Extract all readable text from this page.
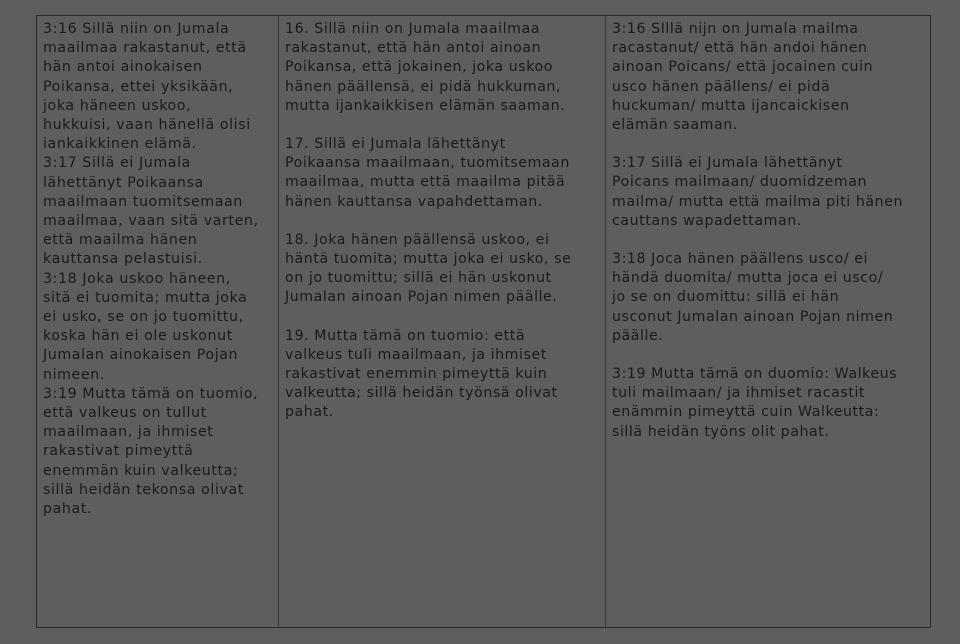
3:16 Sillä niin on Jumala
maailmaa rakastanut, että
hän antoi ainokaisen
Poikansa, ettei yksikään,
joka häneen uskoo,
hukkuisi, vaan hänellä olisi
iankaikkinen elämä.
3:17 Sillä ei Jumala
lähettänyt Poikaansa
maailmaan tuomitsemaan
maailmaa, vaan sitä varten,
että maailma hänen
kauttansa pelastuisi.
3:18 Joka uskoo häneen,
sitä ei tuomita; mutta joka
ei usko, se on jo tuomittu,
koska hän ei ole uskonut
Jumalan ainokaisen Pojan
nimeen.
3:19 Mutta tämä on tuomio,
että valkeus on tullut
maailmaan, ja ihmiset
rakastivat pimeyttä
enemmän kuin valkeutta;
sillä heidän tekonsa olivat
pahat.
16. Sillä niin on Jumala maailmaa
rakastanut, että hän antoi ainoan
Poikansa, että jokainen, joka uskoo
hänen päällensä, ei pidä hukkuman,
mutta ijankaikkisen elämän saaman.
17. Sillä ei Jumala lähettänyt
Poikaansa maailmaan, tuomitsemaan
maailmaa, mutta että maailma pitää
hänen kauttansa vapahdettaman.
18. Joka hänen päällensä uskoo, ei
häntä tuomita; mutta joka ei usko, se
on jo tuomittu; sillä ei hän uskonut
Jumalan ainoan Pojan nimen päälle.
19. Mutta tämä on tuomio: että
valkeus tuli maailmaan, ja ihmiset
rakastivat enemmin pimeyttä kuin
valkeutta; sillä heidän työnsä olivat
pahat.
3:16 SIllä nijn on Jumala mailma
racastanut/ että hän andoi hänen
ainoan Poicans/ että jocainen cuin
usco hänen päällens/ ei pidä
huckuman/ mutta ijancaickisen
elämän saaman.
3:17 Sillä ei Jumala lähettänyt
Poicans mailmaan/ duomidzeman
mailma/ mutta että mailma piti hänen
cauttans wapadettaman.
3:18 Joca hänen päällens usco/ ei
händä duomita/ mutta joca ei usco/
jo se on duomittu: sillä ei hän
usconut Jumalan ainoan Pojan nimen
päälle.
3:19 Mutta tämä on duomio: Walkeus
tuli mailmaan/ ja ihmiset racastit
enämmin pimeyttä cuin Walkeutta:
sillä heidän työns olit pahat.
